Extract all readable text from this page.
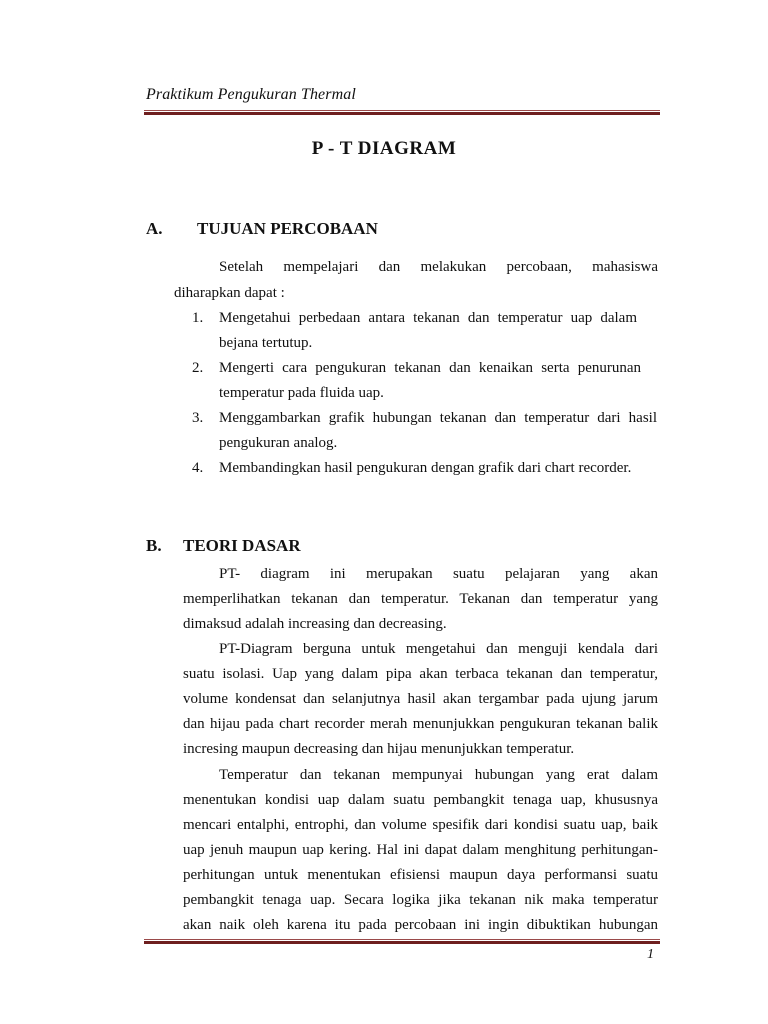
Praktikum Pengukuran Thermal
P - T DIAGRAM
A. TUJUAN PERCOBAAN
Setelah mempelajari dan melakukan percobaan, mahasiswa
diharapkan dapat :
1. Mengetahui perbedaan antara tekanan dan temperatur uap dalam
bejana tertutup.
2. Mengerti cara pengukuran tekanan dan kenaikan serta penurunan
temperatur pada fluida uap.
3. Menggambarkan grafik hubungan tekanan dan temperatur dari hasil
pengukuran analog.
4. Membandingkan hasil pengukuran dengan grafik dari chart recorder.
B. TEORI DASAR
PT- diagram ini merupakan suatu pelajaran yang akan
memperlihatkan tekanan dan temperatur. Tekanan dan temperatur yang
dimaksud adalah increasing dan decreasing.
PT-Diagram berguna untuk mengetahui dan menguji kendala dari
suatu isolasi. Uap yang dalam pipa akan terbaca tekanan dan temperatur,
volume kondensat dan selanjutnya hasil akan tergambar pada ujung jarum
dan hijau pada chart recorder merah menunjukkan pengukuran tekanan balik
incresing maupun decreasing dan hijau menunjukkan temperatur.
Temperatur dan tekanan mempunyai hubungan yang erat dalam
menentukan kondisi uap dalam suatu pembangkit tenaga uap, khususnya
mencari entalphi, entrophi, dan volume spesifik dari kondisi suatu uap, baik
uap jenuh maupun uap kering. Hal ini dapat dalam menghitung perhitungan-
perhitungan untuk menentukan efisiensi maupun daya performansi suatu
pembangkit tenaga uap. Secara logika jika tekanan nik maka temperatur
akan naik oleh karena itu pada percobaan ini ingin dibuktikan hubungan
1
